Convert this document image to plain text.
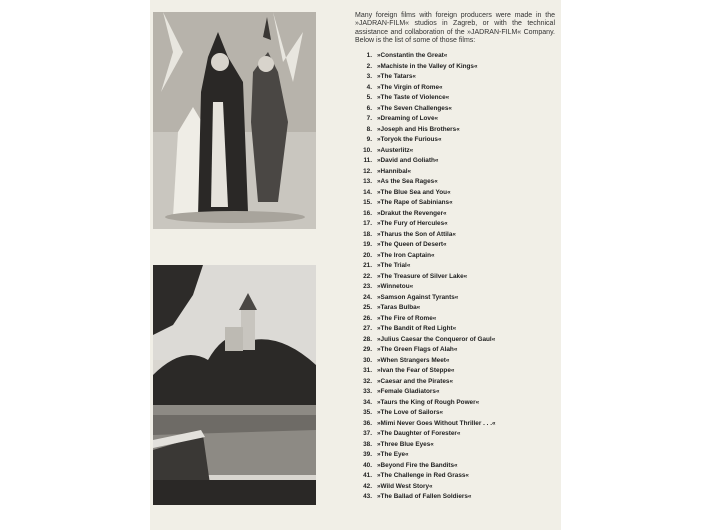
Many foreign films with foreign producers were made in the »JADRAN-FILM« studios in Zagreb, or with the technical assistance and collaboration of the »JADRAN-FILM« Company. Below is the list of some of those films:
1. »Constantin the Great«
2. »Machiste in the Valley of Kings«
3. »The Tatars«
4. »The Virgin of Rome«
5. »The Taste of Violence«
6. »The Seven Challenges«
7. »Dreaming of Love«
8. »Joseph and His Brothers«
9. »Toryok the Furious«
10. »Austerlitz«
11. »David and Goliath«
12. »Hannibal«
13. »As the Sea Rages«
14. »The Blue Sea and You«
15. »The Rape of Sabinians«
16. »Drakut the Revenger«
17. »The Fury of Hercules«
18. »Tharus the Son of Attila«
19. »The Queen of Desert«
20. »The Iron Captain«
21. »The Trial«
22. »The Treasure of Silver Lake«
23. »Winnetou«
24. »Samson Against Tyrants«
25. »Taras Bulba«
26. »The Fire of Rome«
27. »The Bandit of Red Light«
28. »Julius Caesar the Conqueror of Gaul«
29. »The Green Flags of Alah«
30. »When Strangers Meet«
31. »Ivan the Fear of Steppe«
32. »Caesar and the Pirates«
33. »Female Gladiators«
34. »Taurs the King of Rough Power«
35. »The Love of Sailors«
36. »Mimi Never Goes Without Thriller . . .«
37. »The Daughter of Forester«
38. »Three Blue Eyes«
39. »The Eye«
40. »Beyond Fire the Bandits«
41. »The Challenge in Red Grass«
42. »Wild West Story«
43. »The Ballad of Fallen Soldiers«
